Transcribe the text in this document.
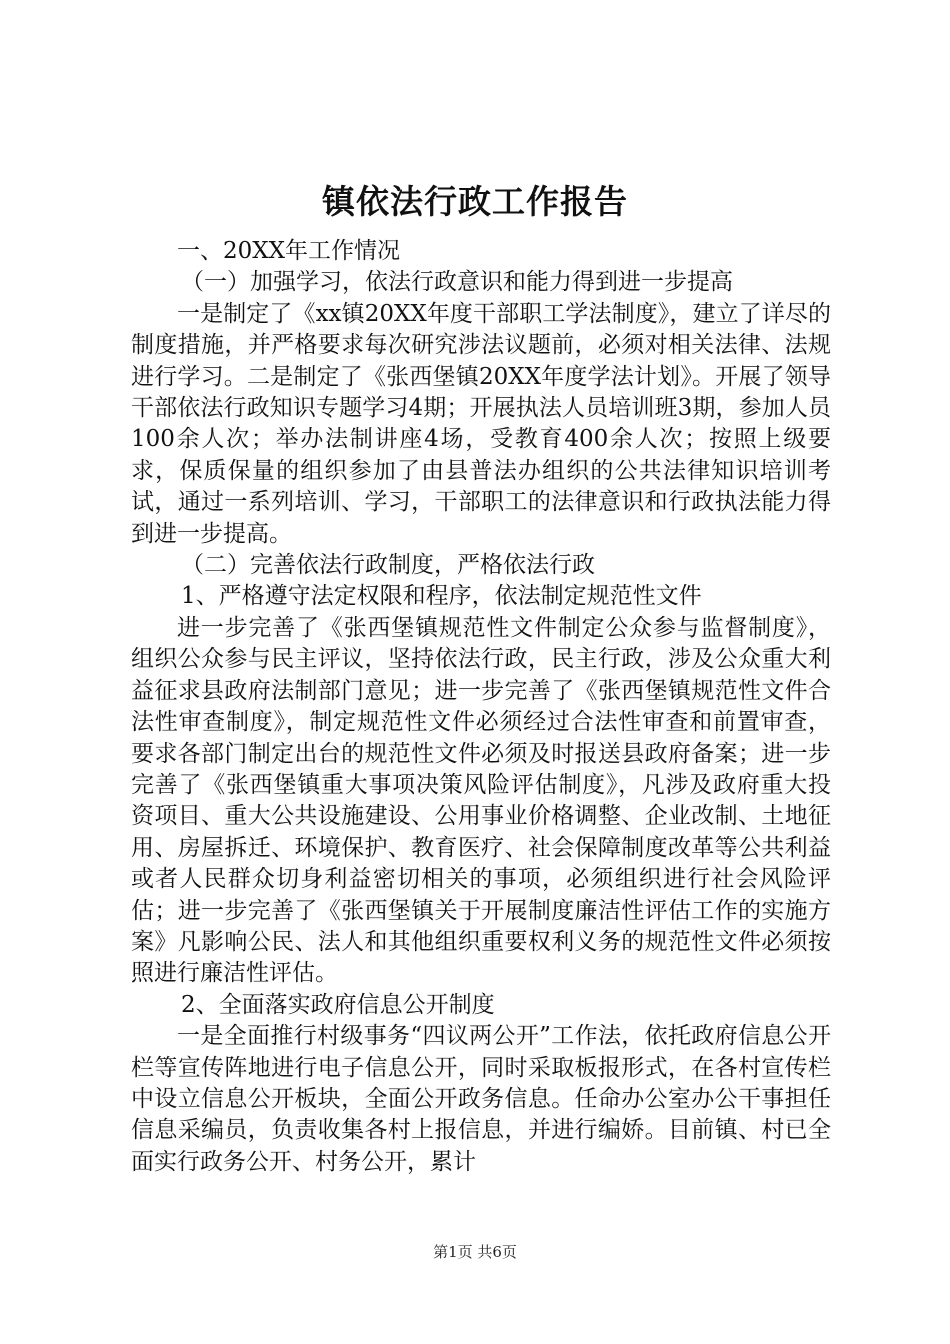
镇依法行政工作报告

一、20XX年工作情况

（一）加强学习，依法行政意识和能力得到进一步提高

一是制定了《xx镇20XX年度干部职工学法制度》，建立了详尽的制度措施，并严格要求每次研究涉法议题前，必须对相关法律、法规进行学习。二是制定了《张西堡镇20XX年度学法计划》。开展了领导干部依法行政知识专题学习4期；开展执法人员培训班3期，参加人员100余人次；举办法制讲座4场，受教育400余人次；按照上级要求，保质保量的组织参加了由县普法办组织的公共法律知识培训考试，通过一系列培训、学习，干部职工的法律意识和行政执法能力得到进一步提高。

（二）完善依法行政制度，严格依法行政

1、严格遵守法定权限和程序，依法制定规范性文件

进一步完善了《张西堡镇规范性文件制定公众参与监督制度》，组织公众参与民主评议，坚持依法行政，民主行政，涉及公众重大利益征求县政府法制部门意见；进一步完善了《张西堡镇规范性文件合法性审查制度》，制定规范性文件必须经过合法性审查和前置审查，要求各部门制定出台的规范性文件必须及时报送县政府备案；进一步完善了《张西堡镇重大事项决策风险评估制度》，凡涉及政府重大投资项目、重大公共设施建设、公用事业价格调整、企业改制、土地征用、房屋拆迁、环境保护、教育医疗、社会保障制度改革等公共利益或者人民群众切身利益密切相关的事项，必须组织进行社会风险评估；进一步完善了《张西堡镇关于开展制度廉洁性评估工作的实施方案》凡影响公民、法人和其他组织重要权利义务的规范性文件必须按照进行廉洁性评估。

2、全面落实政府信息公开制度

一是全面推行村级事务“四议两公开”工作法，依托政府信息公开栏等宣传阵地进行电子信息公开，同时采取板报形式，在各村宣传栏中设立信息公开板块，全面公开政务信息。任命办公室办公干事担任信息采编员，负责收集各村上报信息，并进行编娇。目前镇、村已全面实行政务公开、村务公开，累计

第1页 共6页
